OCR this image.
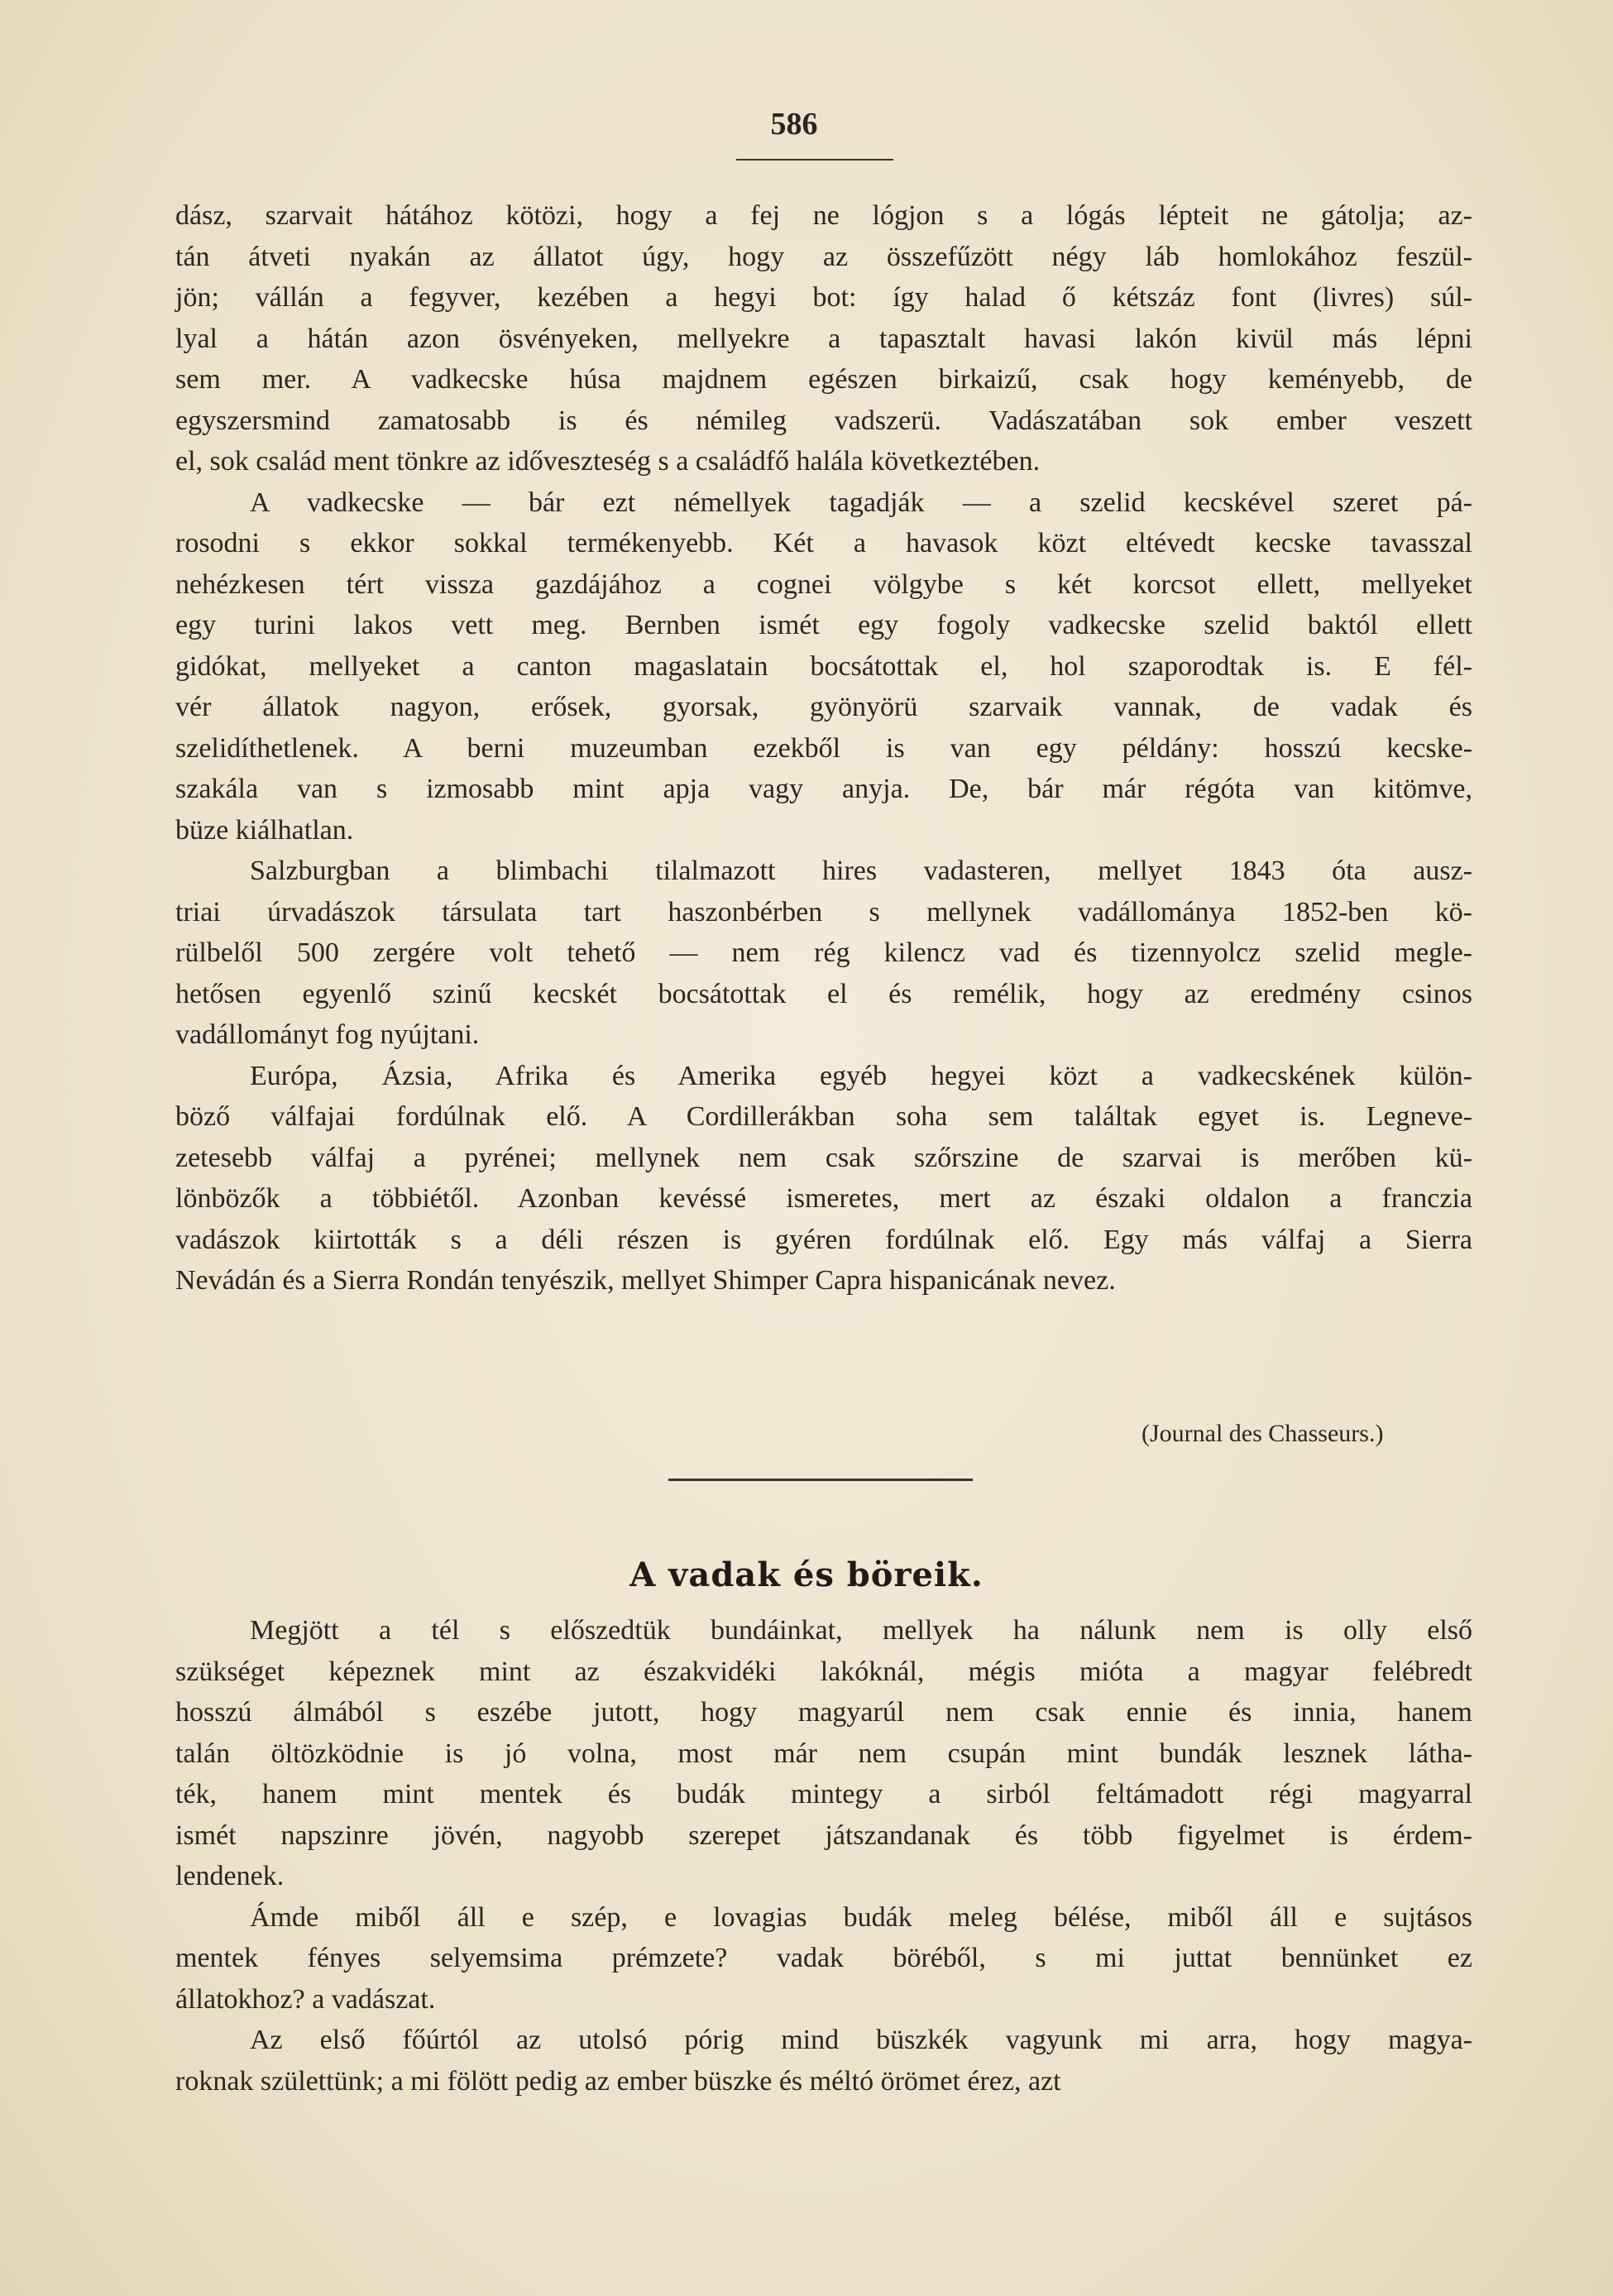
586
dász, szarvait hátához kötözi, hogy a fej ne lógjon s a lógás lépteit ne gátolja; az-
tán átveti nyakán az állatot úgy, hogy az összefűzött négy láb homlokához feszül-
jön; vállán a fegyver, kezében a hegyi bot: így halad ő kétszáz font (livres) súl-
lyal a hátán azon ösvényeken, mellyekre a tapasztalt havasi lakón kivül más lépni
sem mer. A vadkecske húsa majdnem egészen birkaizű, csak hogy keményebb, de
egyszersmind zamatosabb is és némileg vadszerü. Vadászatában sok ember veszett
el, sok család ment tönkre az időveszteség s a családfő halála következtében.
A vadkecske — bár ezt némellyek tagadják — a szelid kecskével szeret pá-
rosodni s ekkor sokkal termékenyebb. Két a havasok közt eltévedt kecske tavasszal
nehézkesen tért vissza gazdájához a cognei völgybe s két korcsot ellett, mellyeket
egy turini lakos vett meg. Bernben ismét egy fogoly vadkecske szelid baktól ellett
gidókat, mellyeket a canton magaslatain bocsátottak el, hol szaporodtak is. E fél-
vér állatok nagyon, erősek, gyorsak, gyönyörü szarvaik vannak, de vadak és
szelidíthetlenek. A berni muzeumban ezekből is van egy példány: hosszú kecske-
szakála van s izmosabb mint apja vagy anyja. De, bár már régóta van kitömve,
büze kiálhatlan.
Salzburgban a blimbachi tilalmazott hires vadasteren, mellyet 1843 óta ausz-
triai úrvadászok társulata tart haszonbérben s mellynek vadállománya 1852-ben kö-
rülbelől 500 zergére volt tehető — nem rég kilencz vad és tizennyolcz szelid megle-
hetősen egyenlő szinű kecskét bocsátottak el és remélik, hogy az eredmény csinos
vadállományt fog nyújtani.
Európa, Ázsia, Afrika és Amerika egyéb hegyei közt a vadkecskének külön-
böző válfajai fordúlnak elő. A Cordillerákban soha sem találtak egyet is. Legneve-
zetesebb válfaj a pyrénei; mellynek nem csak szőrszine de szarvai is merőben kü-
lönbözők a többiétől. Azonban kevéssé ismeretes, mert az északi oldalon a franczia
vadászok kiirtották s a déli részen is gyéren fordúlnak elő. Egy más válfaj a Sierra
Nevádán és a Sierra Rondán tenyészik, mellyet Shimper Capra hispanicának nevez.
(Journal des Chasseurs.)
A vadak és böreik.
Megjött a tél s előszedtük bundáinkat, mellyek ha nálunk nem is olly első
szükséget képeznek mint az északvidéki lakóknál, mégis mióta a magyar felébredt
hosszú álmából s eszébe jutott, hogy magyarúl nem csak ennie és innia, hanem
talán öltözködnie is jó volna, most már nem csupán mint bundák lesznek látha-
ték, hanem mint mentek és budák mintegy a sirból feltámadott régi magyarral
ismét napszinre jövén, nagyobb szerepet játszandanak és több figyelmet is érdem-
lendenek.
Ámde miből áll e szép, e lovagias budák meleg bélése, miből áll e sujtásos
mentek fényes selyemsima prémzete? vadak böréből, s mi juttat bennünket ez
állatokhoz? a vadászat.
Az első főúrtól az utolsó pórig mind büszkék vagyunk mi arra, hogy magya-
roknak születtünk; a mi fölött pedig az ember büszke és méltó örömet érez, azt
